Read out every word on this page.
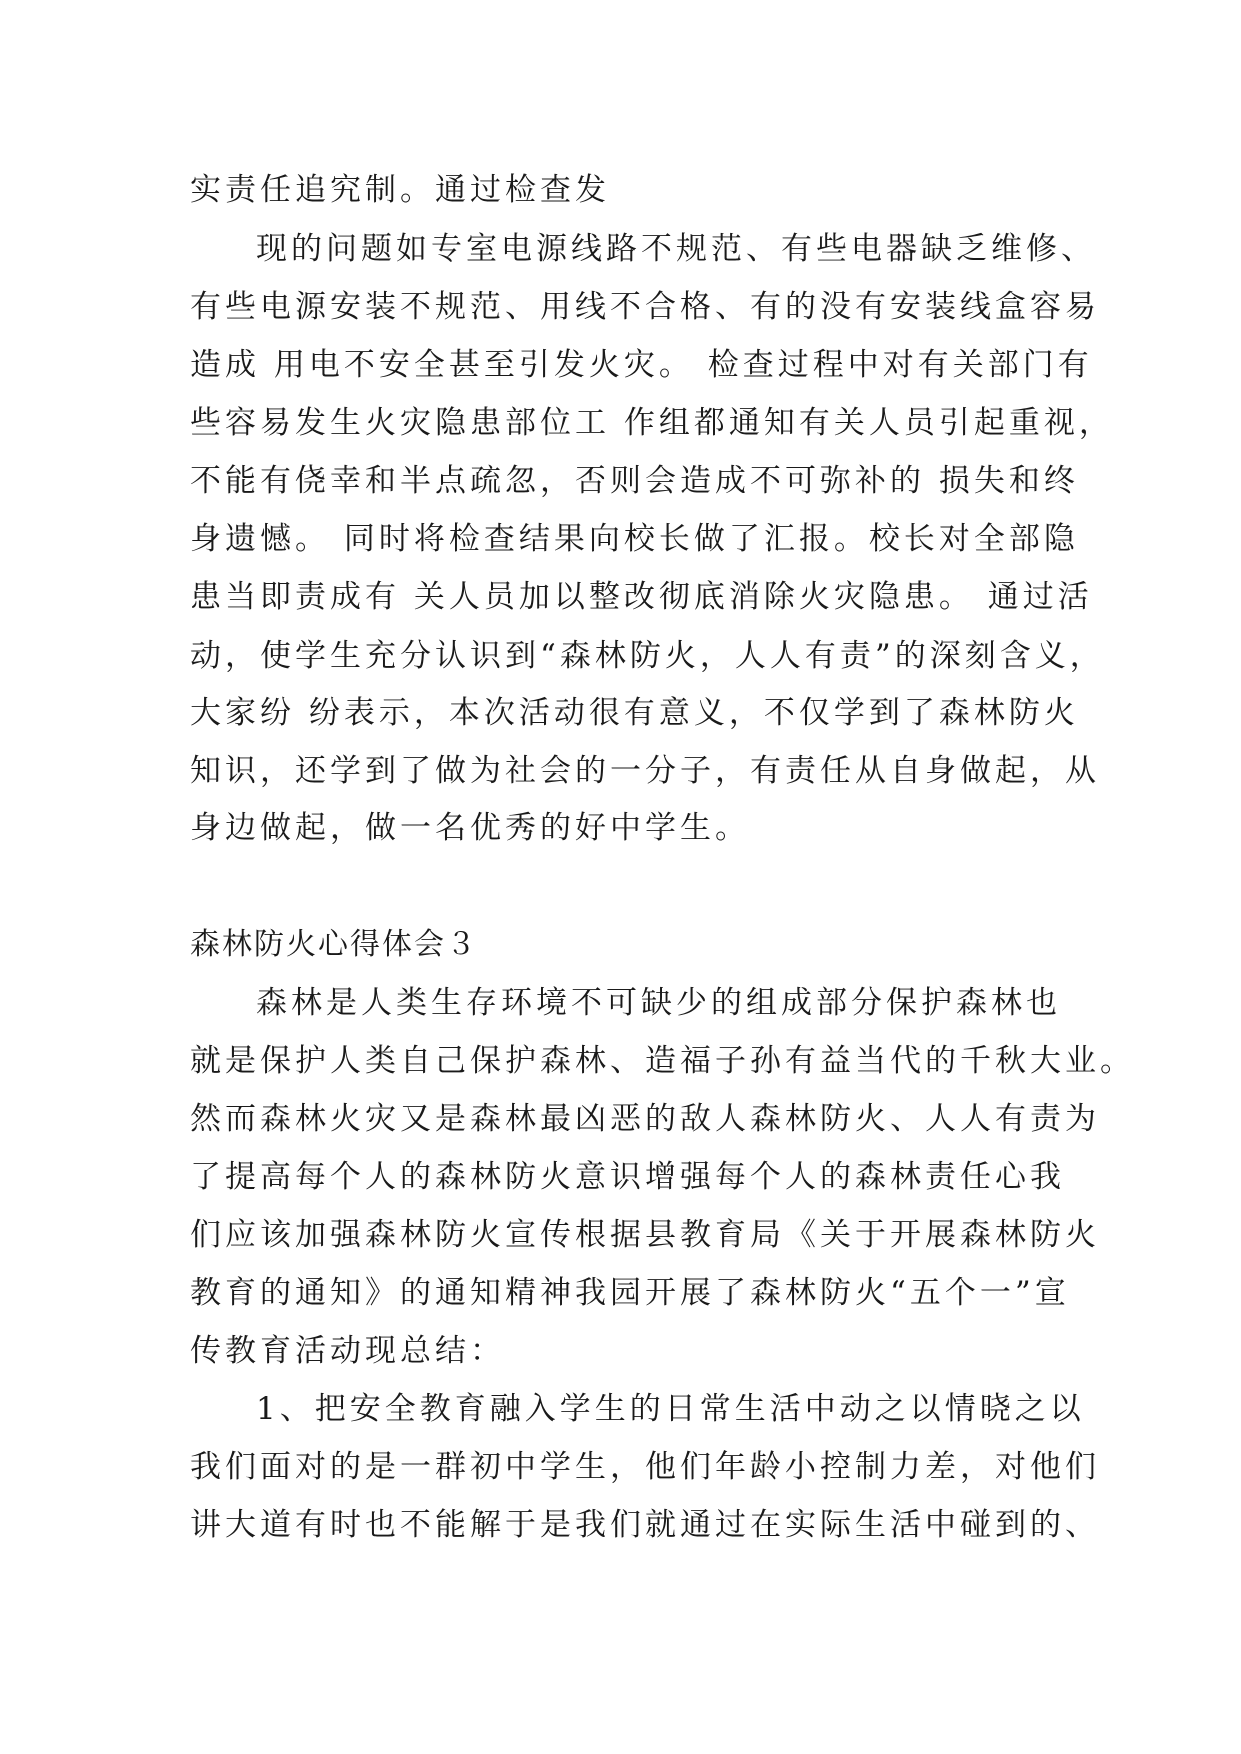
实责任追究制。通过检查发
现的问题如专室电源线路不规范、有些电器缺乏维修、
有些电源安装不规范、用线不合格、有的没有安装线盒容易
造成 用电不安全甚至引发火灾。 检查过程中对有关部门有
些容易发生火灾隐患部位工 作组都通知有关人员引起重视，
不能有侥幸和半点疏忽，否则会造成不可弥补的 损失和终
身遗憾。 同时将检查结果向校长做了汇报。校长对全部隐
患当即责成有 关人员加以整改彻底消除火灾隐患。 通过活
动，使学生充分认识到“森林防火，人人有责”的深刻含义，
大家纷 纷表示，本次活动很有意义，不仅学到了森林防火
知识，还学到了做为社会的一分子，有责任从自身做起，从
身边做起，做一名优秀的好中学生。
森林防火心得体会３
森林是人类生存环境不可缺少的组成部分保护森林也
就是保护人类自己保护森林、造福子孙有益当代的千秋大业。
然而森林火灾又是森林最凶恶的敌人森林防火、人人有责为
了提高每个人的森林防火意识增强每个人的森林责任心我
们应该加强森林防火宣传根据县教育局《关于开展森林防火
教育的通知》的通知精神我园开展了森林防火“五个一”宣
传教育活动现总结：
1、把安全教育融入学生的日常生活中动之以情晓之以
我们面对的是一群初中学生，他们年龄小控制力差，对他们
讲大道有时也不能解于是我们就通过在实际生活中碰到的、
